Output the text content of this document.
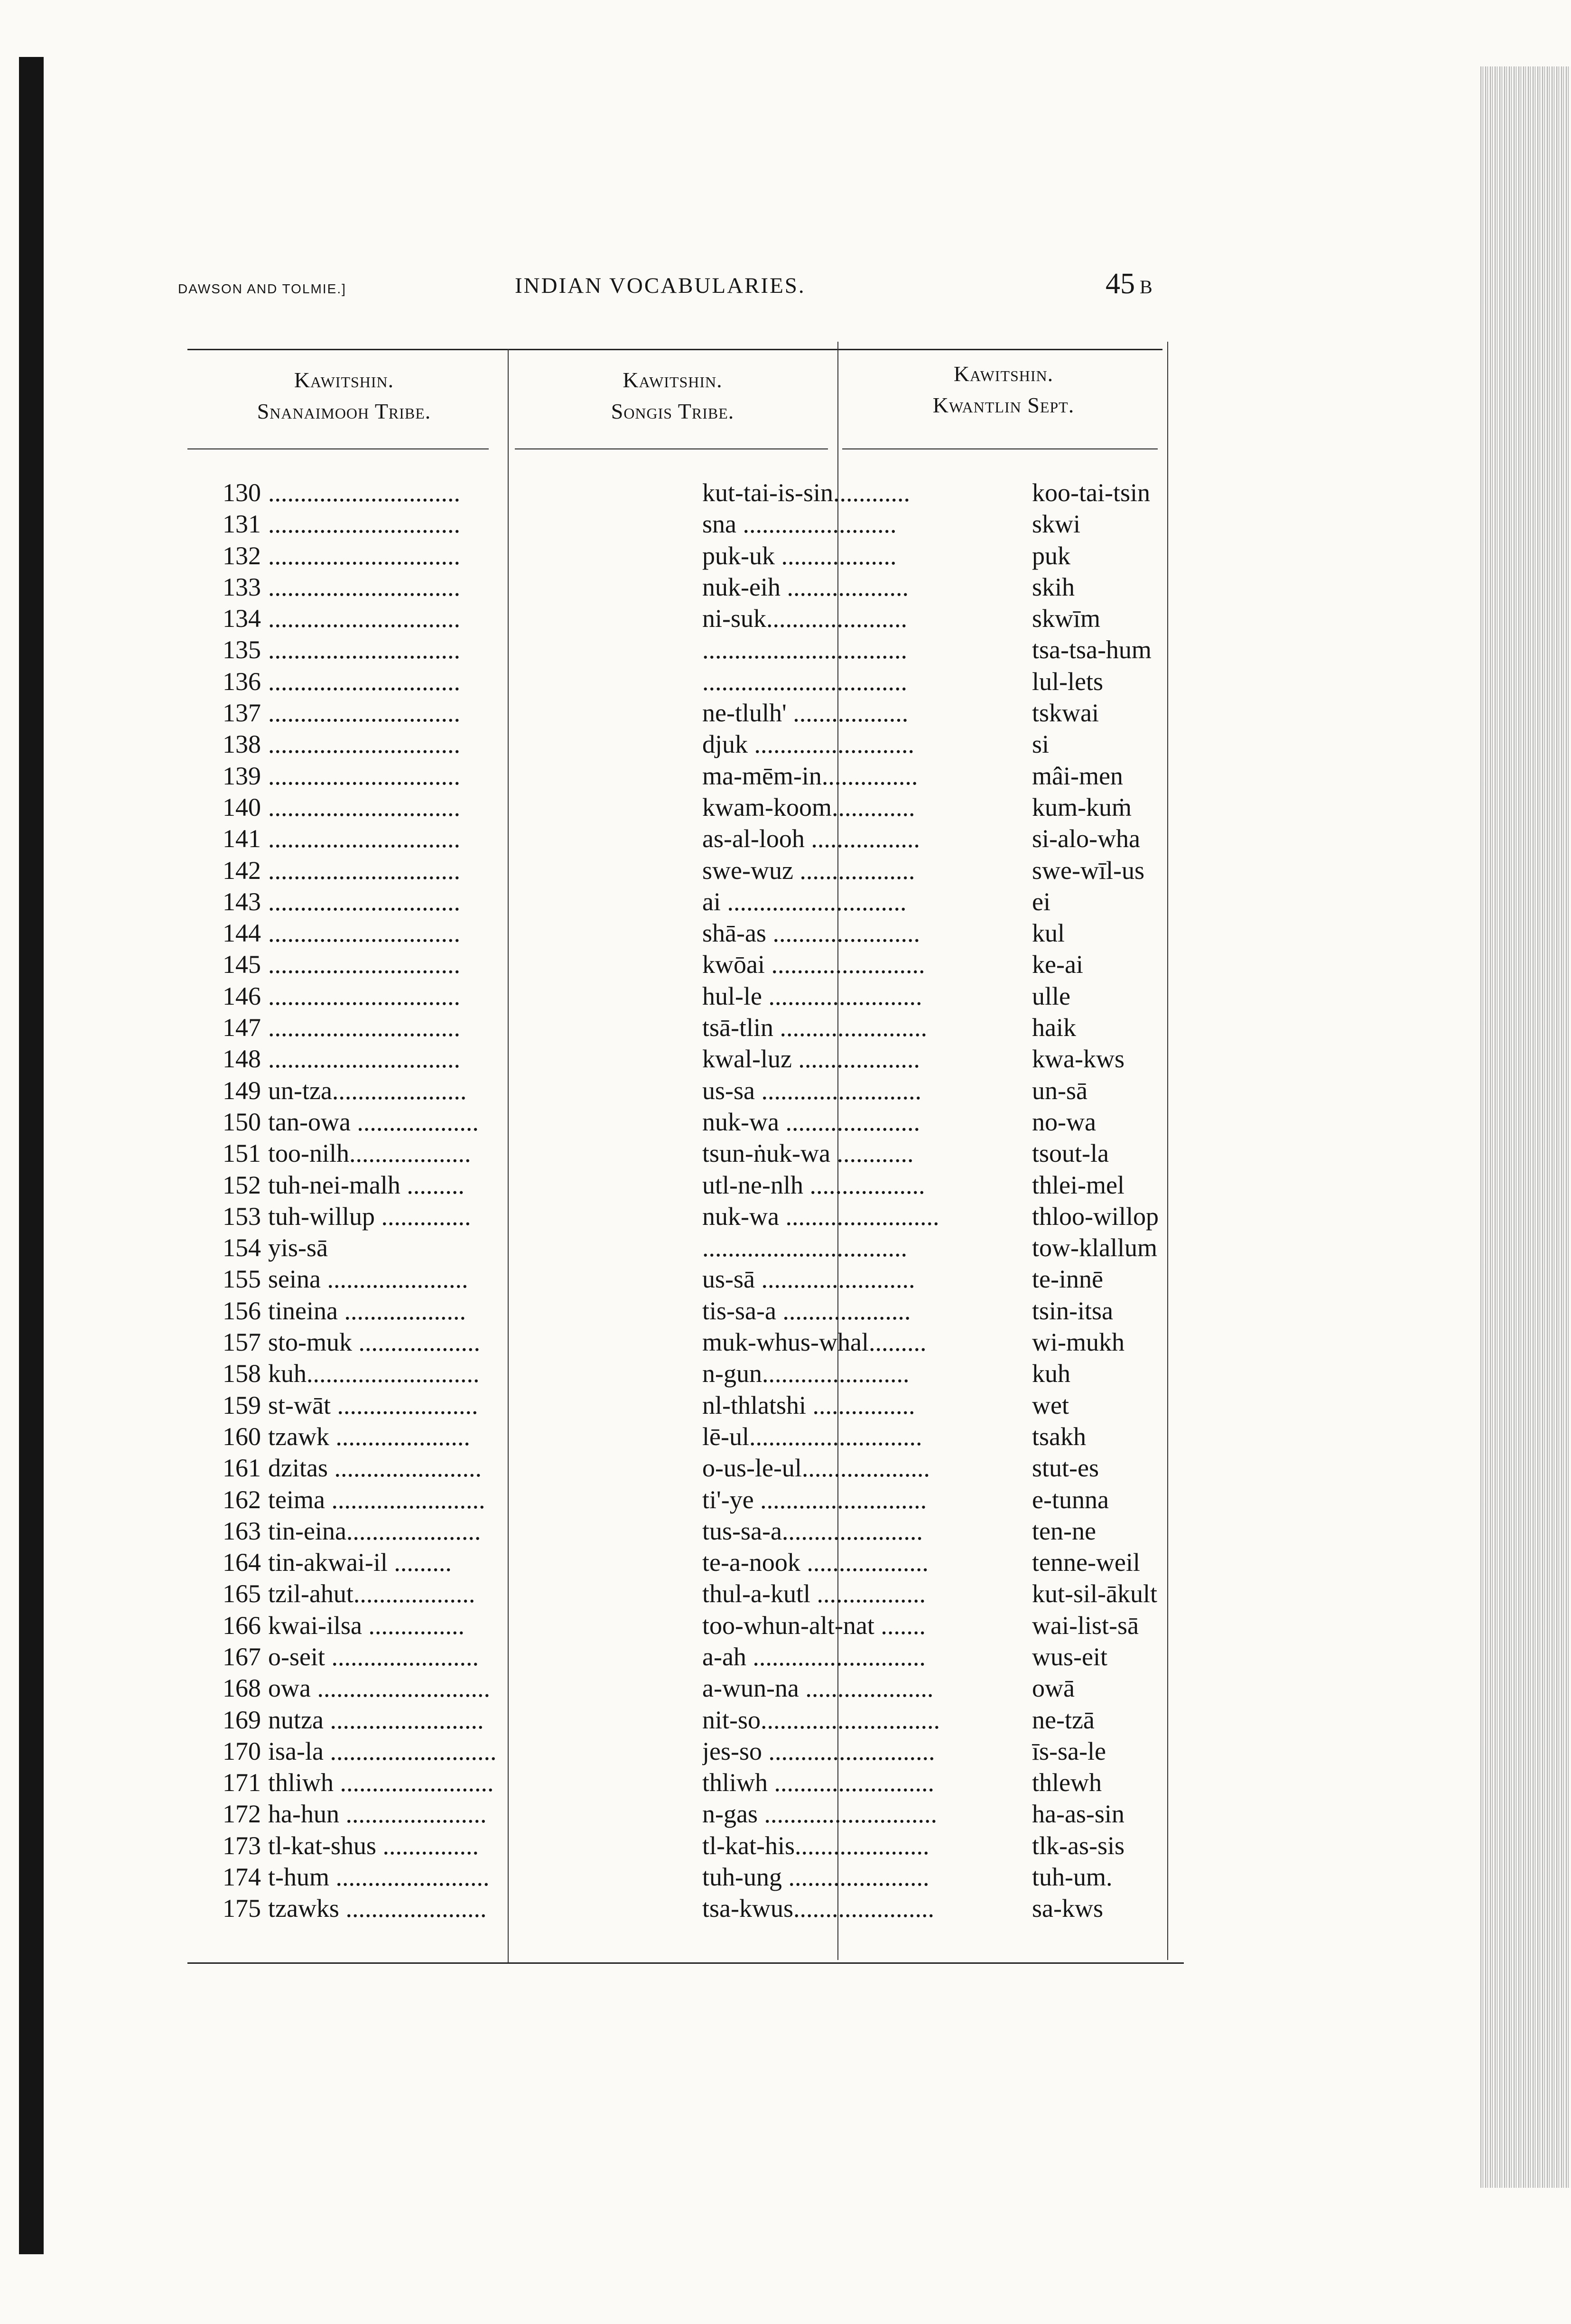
DAWSON AND TOLMIE.]	INDIAN VOCABULARIES.	45 B
Kawitshin.
Snanaimooh Tribe.
Kawitshin.
Songis Tribe.
Kawitshin.
Kwantlin Sept.
130 ..............................	kut-tai-is-sin............	koo-tai-tsin
131 ..............................	sna ........................	skwi
132 ..............................	puk-uk ..................	puk
133 ..............................	nuk-eih ...................	skih
134 ..............................	ni-suk......................	skwīm
135 ..............................	................................	tsa-tsa-hum
136 ..............................	................................	lul-lets
137 ..............................	ne-tlulh' ..................	tskwai
138 ..............................	djuk .........................	si
139 ..............................	ma-mēm-in...............	mâi-men
140 ..............................	kwam-koom.............	kum-kuṁ
141 ..............................	as-al-looh .................	si-alo-wha
142 ..............................	swe-wuz ..................	swe-wīl-us
143 ..............................	ai ............................	ei
144 ..............................	shā-as .......................	kul
145 ..............................	kwōai ........................	ke-ai
146 ..............................	hul-le ........................	ulle
147 ..............................	tsā-tlin .......................	haik
148 ..............................	kwal-luz ...................	kwa-kws
149 un-tza.....................	us-sa .........................	un-sā
150 tan-owa ...................	nuk-wa .....................	no-wa
151 too-nilh...................	tsun-ṅuk-wa ............	tsout-la
152 tuh-nei-malh .........	utl-ne-nlh ..................	thlei-mel
153 tuh-willup ..............	nuk-wa ........................	thloo-willop
154 yis-sā	................................	tow-klallum
155 seina ......................	us-sā ........................	te-innē
156 tineina ...................	tis-sa-a ....................	tsin-itsa
157 sto-muk ...................	muk-whus-whal.........	wi-mukh
158 kuh...........................	n-gun.......................	kuh
159 st-wāt ......................	nl-thlatshi ................	wet
160 tzawk .....................	lē-ul...........................	tsakh
161 dzitas .......................	o-us-le-ul....................	stut-es
162 teima ........................	ti'-ye ..........................	e-tunna
163 tin-eina.....................	tus-sa-a......................	ten-ne
164 tin-akwai-il .........	te-a-nook ...................	tenne-weil
165 tzil-ahut...................	thul-a-kutl .................	kut-sil-ākult
166 kwai-ilsa ...............	too-whun-alt-nat .......	wai-list-sā
167 o-seit .......................	a-ah ...........................	wus-eit
168 owa ...........................	a-wun-na ....................	owā
169 nutza ........................	nit-so............................	ne-tzā
170 isa-la ..........................	jes-so ..........................	īs-sa-le
171 thliwh ........................	thliwh .........................	thlewh
172 ha-hun ......................	n-gas ...........................	ha-as-sin
173 tl-kat-shus ...............	tl-kat-his.....................	tlk-as-sis
174 t-hum ........................	tuh-ung ......................	tuh-um.
175 tzawks ......................	tsa-kwus......................	sa-kws
